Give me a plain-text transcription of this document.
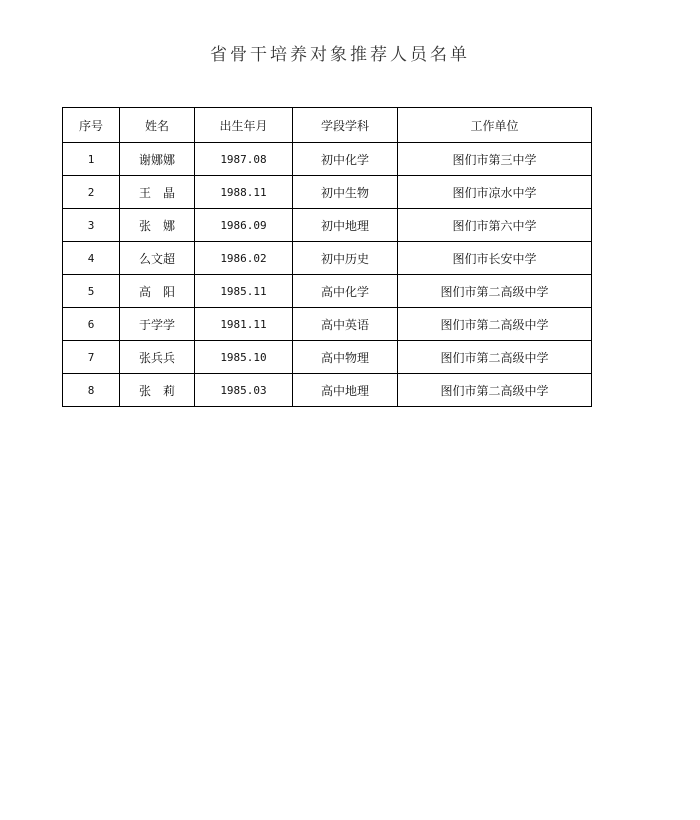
省骨干培养对象推荐人员名单
序号	姓名	出生年月	学段学科	工作单位
1	谢娜娜	1987.08	初中化学	图们市第三中学
2	王　晶	1988.11	初中生物	图们市凉水中学
3	张　娜	1986.09	初中地理	图们市第六中学
4	么文超	1986.02	初中历史	图们市长安中学
5	高　阳	1985.11	高中化学	图们市第二高级中学
6	于学学	1981.11	高中英语	图们市第二高级中学
7	张兵兵	1985.10	高中物理	图们市第二高级中学
8	张　莉	1985.03	高中地理	图们市第二高级中学
